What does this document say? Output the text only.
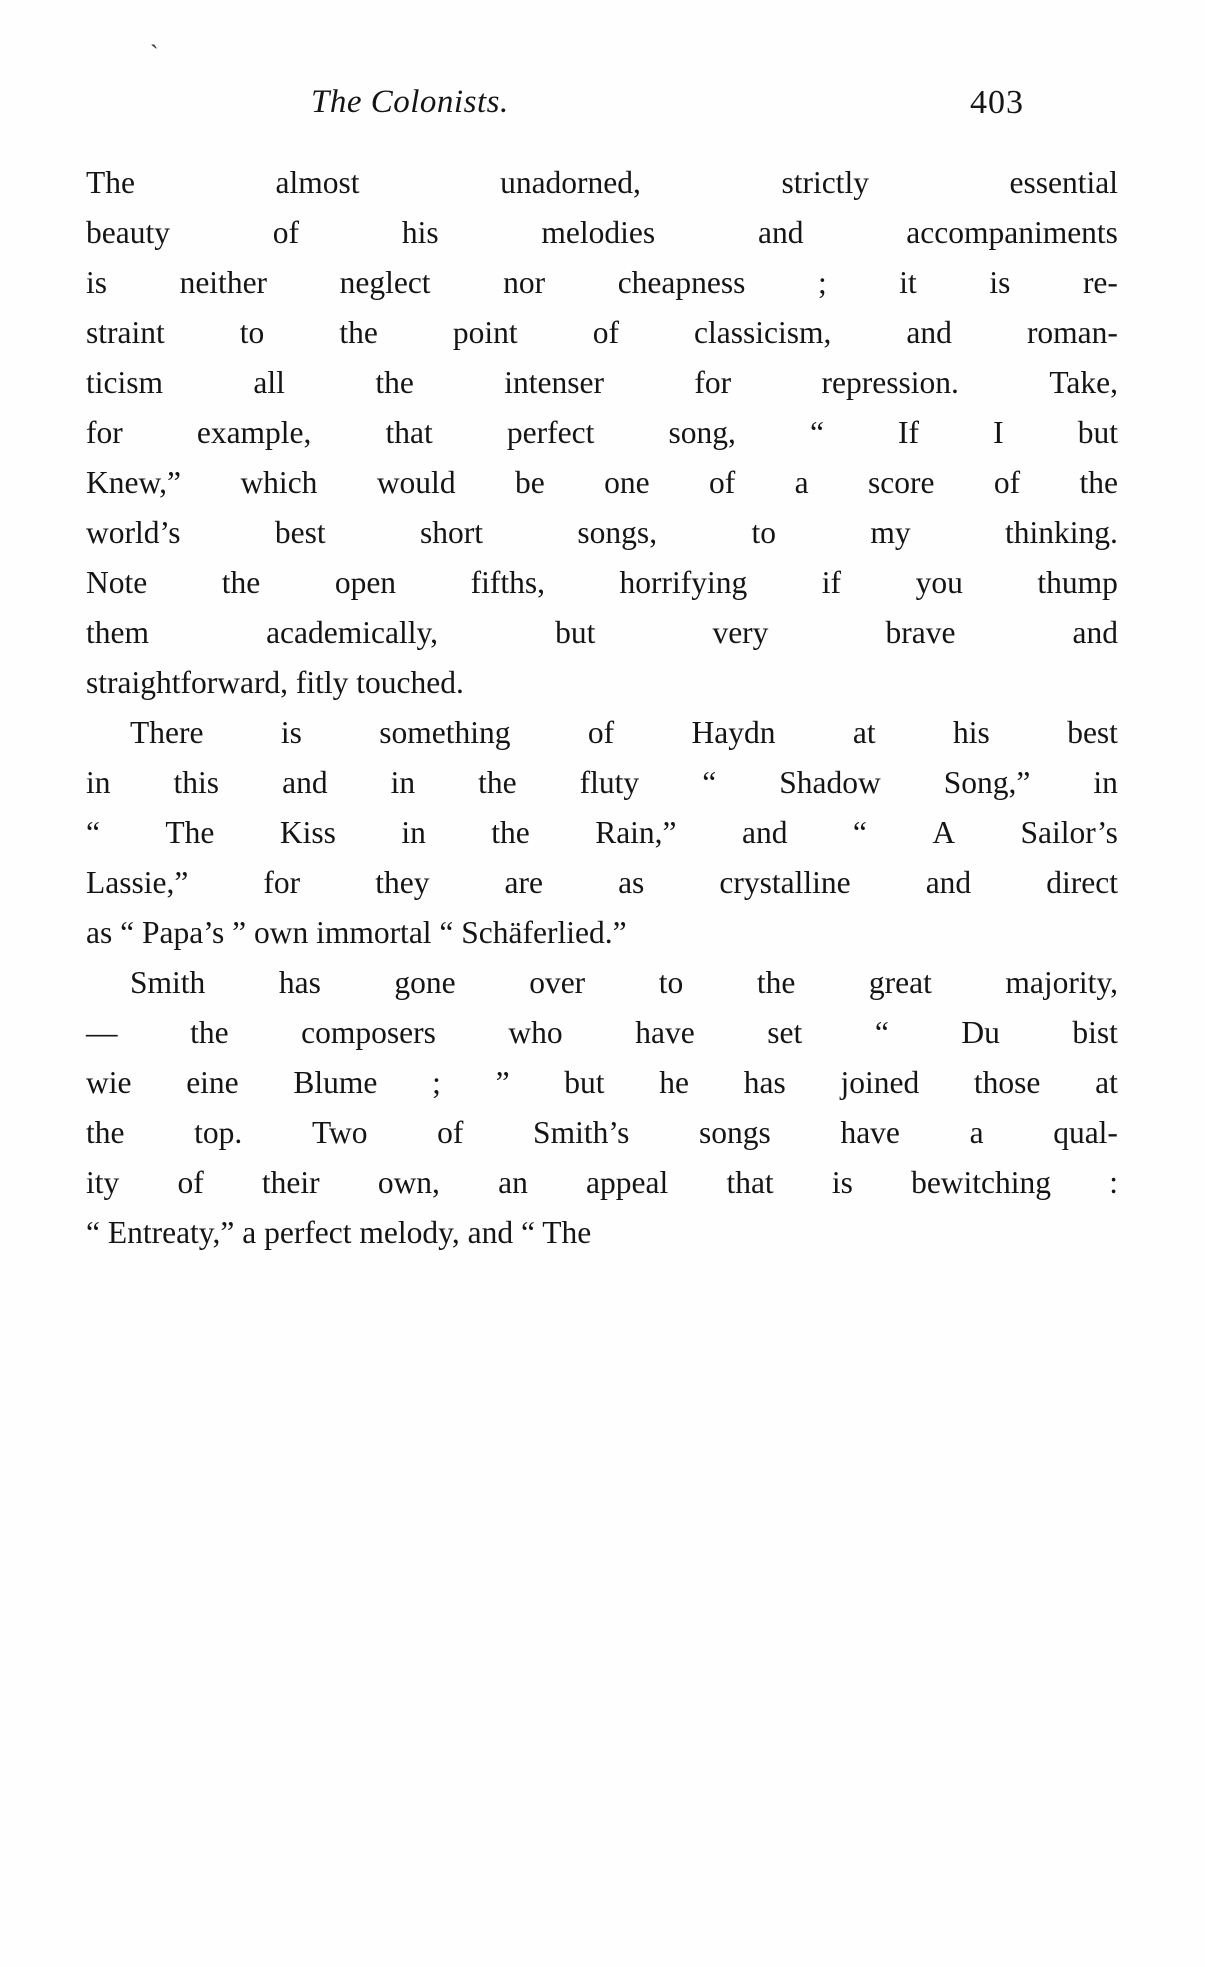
`
The Colonists.	403
The	almost	unadorned,	strictly	essential
beauty	of	his	melodies	and	accompaniments
is neither neglect nor cheapness ; it is re-
straint to the point of classicism, and roman-
ticism	all	the	intenser	for	repression.	Take,
for example, that perfect song, “ If I but
Knew,” which would be one of a score of the
world’s	best	short	songs,	to	my	thinking.
Note the open fifths, horrifying if you thump
them	academically,	but	very	brave	and
straightforward, fitly touched.
There is something of Haydn at his best
in this and in the fluty “ Shadow Song,” in
“ The Kiss in the Rain,” and “ A Sailor’s
Lassie,” for they are as crystalline and direct
as “ Papa’s ” own immortal “ Schäferlied.”
Smith has gone over to the great majority,
— the composers who have set “ Du bist
wie eine Blume ; ” but he has joined those at
the top. Two of Smith’s songs have a qual-
ity of their own, an appeal that is bewitching :
“ Entreaty,” a perfect melody, and “ The
